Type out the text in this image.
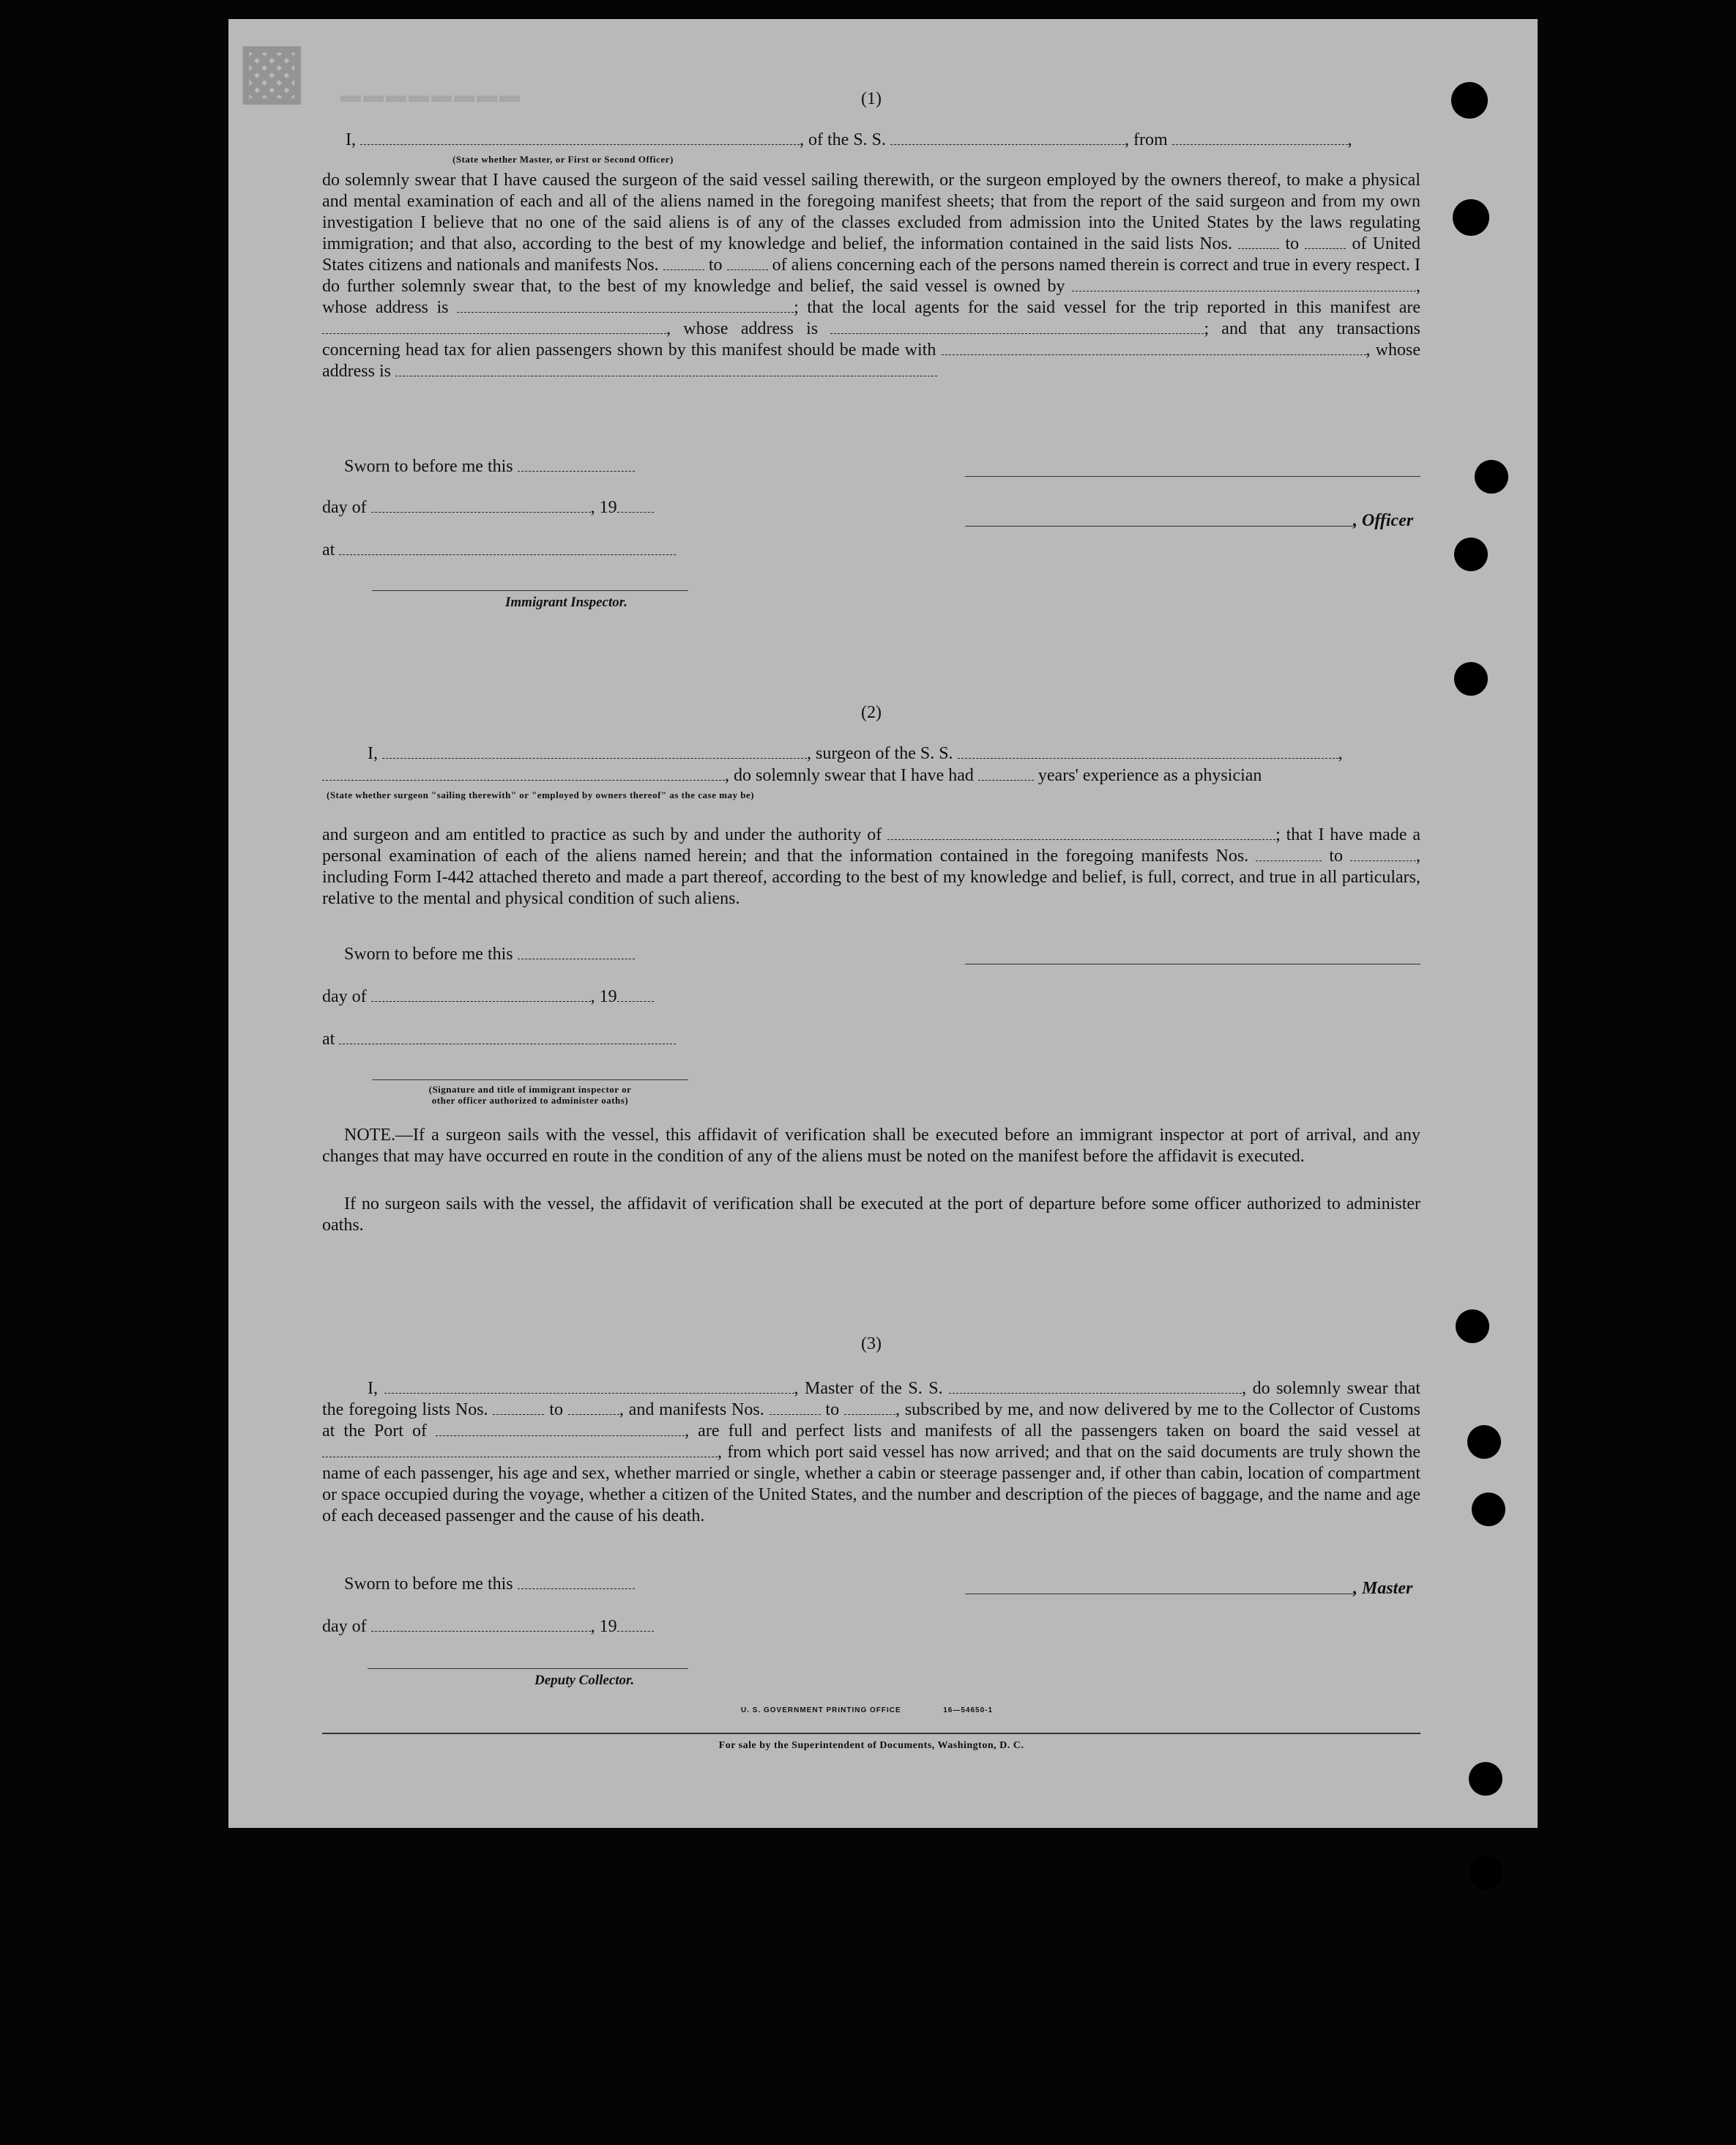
▩ ▬▬▬▬▬▬▬▬	(1)
I,	, of the S. S.	, from	,
(State whether Master, or First or Second Officer)
do solemnly swear that I have caused the surgeon of the said vessel sailing therewith, or the surgeon employed by the owners thereof, to make a physical and mental examination of each and all of the aliens named in the foregoing manifest sheets; that from the report of the said surgeon and from my own investigation I believe that no one of the said aliens is of any of the classes excluded from admission into the United States by the laws regulating immigration; and that also, according to the best of my knowledge and belief, the information contained in the said lists Nos.	to	of United States citizens and nationals and manifests Nos.	to	of aliens concerning each of the persons named therein is correct and true in every respect. I do further solemnly swear that, to the best of my knowledge and belief, the said vessel is owned by	, whose address is	; that the local agents for the said vessel for the trip reported in this manifest are , whose address is	; and that any transactions concerning head tax for alien passengers shown by this manifest should be made with	, whose address is
Sworn to before me this
day of	, 19
, Officer
at
Immigrant Inspector.
(2)
I,	, surgeon of the S. S.	,
, do solemnly swear that I have had	years' experience as a physician
(State whether surgeon "sailing therewith" or "employed by owners thereof" as the case may be)
and surgeon and am entitled to practice as such by and under the authority of	; that I have made a personal examination of each of the aliens named herein; and that the information contained in the foregoing manifests Nos.	to	, including Form I-442 attached thereto and made a part thereof, according to the best of my knowledge and belief, is full, correct, and true in all particulars, relative to the mental and physical condition of such aliens.
Sworn to before me this
day of	, 19
at
(Signature and title of immigrant inspector or
other officer authorized to administer oaths)
NOTE.—If a surgeon sails with the vessel, this affidavit of verification shall be executed before an immigrant inspector at port of arrival, and any changes that may have occurred en route in the condition of any of the aliens must be noted on the manifest before the affidavit is executed.
If no surgeon sails with the vessel, the affidavit of verification shall be executed at the port of departure before some officer authorized to administer oaths.
(3)
I,	, Master of the S. S.	, do solemnly swear that the foregoing lists Nos.	to	, and manifests Nos.	to	, subscribed by me, and now delivered by me to the Collector of Customs at the Port of	, are full and perfect lists and manifests of all the passengers taken on board the said vessel at , from which port said vessel has now arrived; and that on the said documents are truly shown the name of each passenger, his age and sex, whether married or single, whether a cabin or steerage passenger and, if other than cabin, location of compartment or space occupied during the voyage, whether a citizen of the United States, and the number and description of the pieces of baggage, and the name and age of each deceased passenger and the cause of his death.
Sworn to before me this	, Master
day of	, 19
Deputy Collector.
U. S. GOVERNMENT PRINTING OFFICE	16—54650-1
For sale by the Superintendent of Documents, Washington, D. C.
